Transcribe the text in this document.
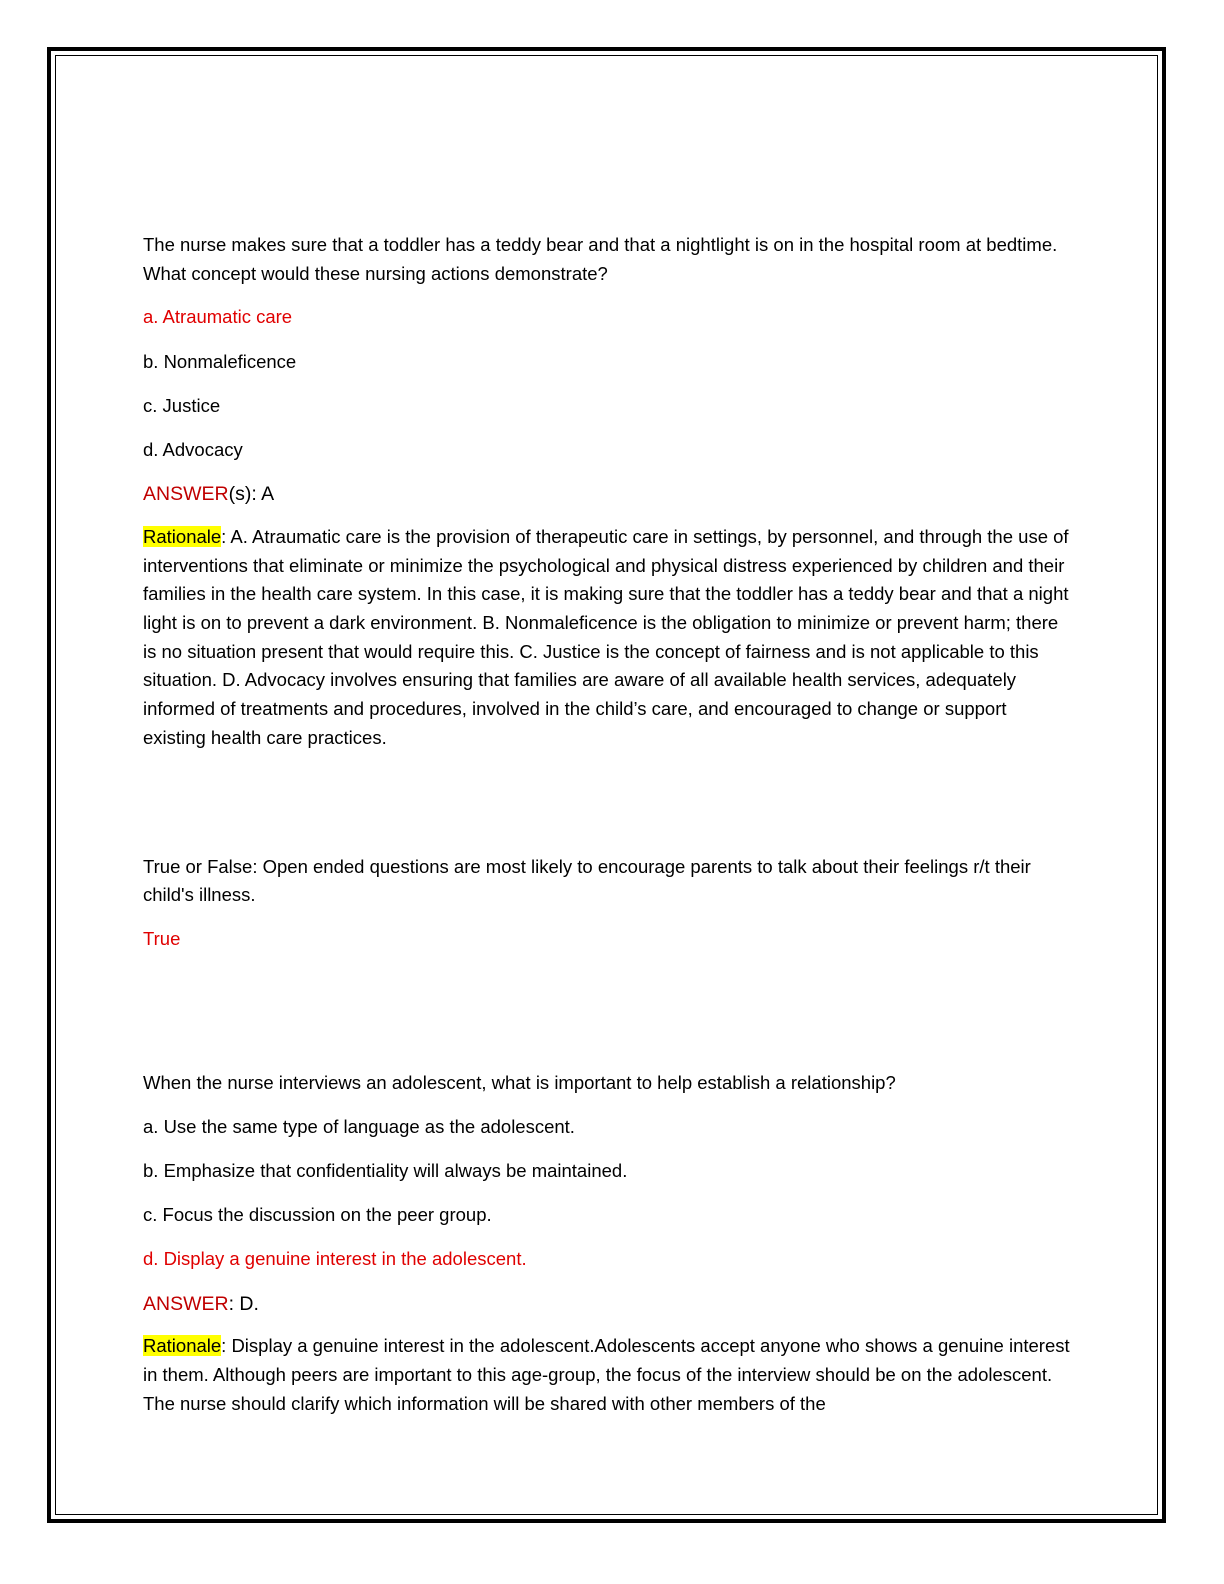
The nurse makes sure that a toddler has a teddy bear and that a nightlight is on in the hospital room at bedtime. What concept would these nursing actions demonstrate?

a. Atraumatic care

b. Nonmaleficence

c. Justice

d. Advocacy

ANSWER(s): A

Rationale: A. Atraumatic care is the provision of therapeutic care in settings, by personnel, and through the use of interventions that eliminate or minimize the psychological and physical distress experienced by children and their families in the health care system. In this case, it is making sure that the toddler has a teddy bear and that a night light is on to prevent a dark environment. B. Nonmaleficence is the obligation to minimize or prevent harm; there is no situation present that would require this. C. Justice is the concept of fairness and is not applicable to this situation. D. Advocacy involves ensuring that families are aware of all available health services, adequately informed of treatments and procedures, involved in the child’s care, and encouraged to change or support existing health care practices.

True or False: Open ended questions are most likely to encourage parents to talk about their feelings r/t their child's illness.

True

When the nurse interviews an adolescent, what is important to help establish a relationship?

a. Use the same type of language as the adolescent.

b. Emphasize that confidentiality will always be maintained.

c. Focus the discussion on the peer group.

d. Display a genuine interest in the adolescent.

ANSWER: D.

Rationale: Display a genuine interest in the adolescent.Adolescents accept anyone who shows a genuine interest in them. Although peers are important to this age-group, the focus of the interview should be on the adolescent. The nurse should clarify which information will be shared with other members of the
